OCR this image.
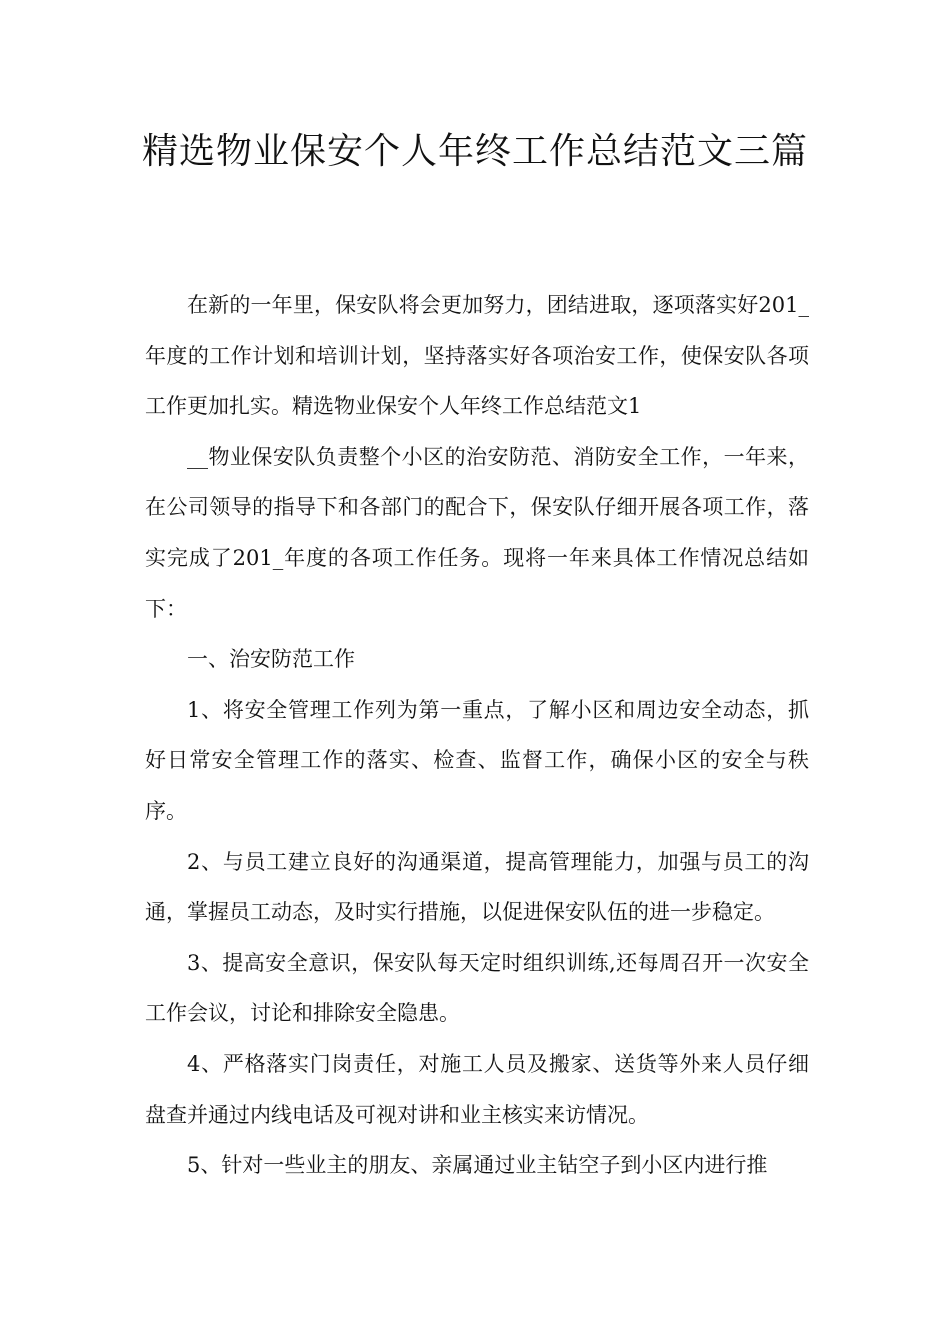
精选物业保安个人年终工作总结范文三篇

在新的一年里，保安队将会更加努力，团结进取，逐项落实好201_年度的工作计划和培训计划，坚持落实好各项治安工作，使保安队各项工作更加扎实。精选物业保安个人年终工作总结范文1

__物业保安队负责整个小区的治安防范、消防安全工作，一年来，在公司领导的指导下和各部门的配合下，保安队仔细开展各项工作，落实完成了201_年度的各项工作任务。现将一年来具体工作情况总结如下：

一、治安防范工作

1、将安全管理工作列为第一重点，了解小区和周边安全动态，抓好日常安全管理工作的落实、检查、监督工作，确保小区的安全与秩序。

2、与员工建立良好的沟通渠道，提高管理能力，加强与员工的沟通，掌握员工动态，及时实行措施，以促进保安队伍的进一步稳定。

3、提高安全意识，保安队每天定时组织训练,还每周召开一次安全工作会议，讨论和排除安全隐患。

4、严格落实门岗责任，对施工人员及搬家、送货等外来人员仔细盘查并通过内线电话及可视对讲和业主核实来访情况。

5、针对一些业主的朋友、亲属通过业主钻空子到小区内进行推
